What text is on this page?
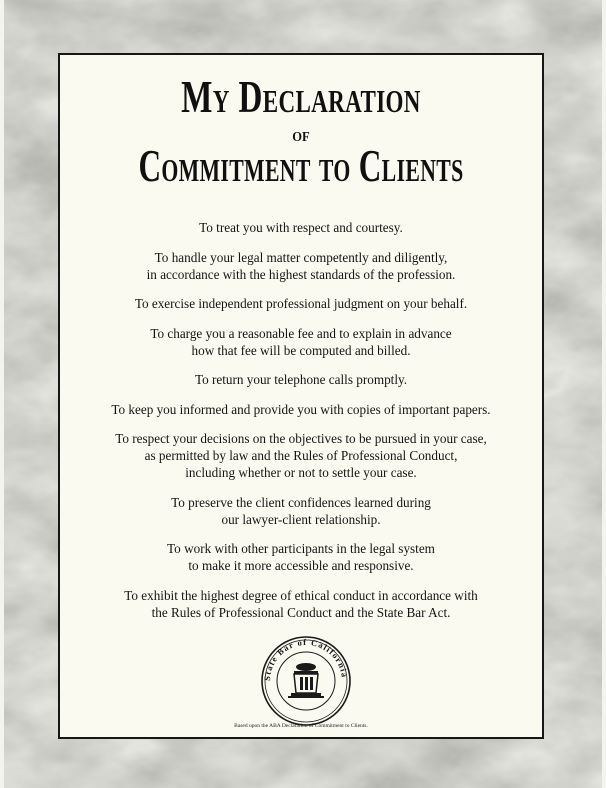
My Declaration
of
Commitment to Clients
To treat you with respect and courtesy.
To handle your legal matter competently and diligently,
in accordance with the highest standards of the profession.
To exercise independent professional judgment on your behalf.
To charge you a reasonable fee and to explain in advance
how that fee will be computed and billed.
To return your telephone calls promptly.
To keep you informed and provide you with copies of important papers.
To respect your decisions on the objectives to be pursued in your case,
as permitted by law and the Rules of Professional Conduct,
including whether or not to settle your case.
To preserve the client confidences learned during
our lawyer-client relationship.
To work with other participants in the legal system
to make it more accessible and responsive.
To exhibit the highest degree of ethical conduct in accordance with
the Rules of Professional Conduct and the State Bar Act.
State Bar of California
Based upon the ABA Declaration of Commitment to Clients.
